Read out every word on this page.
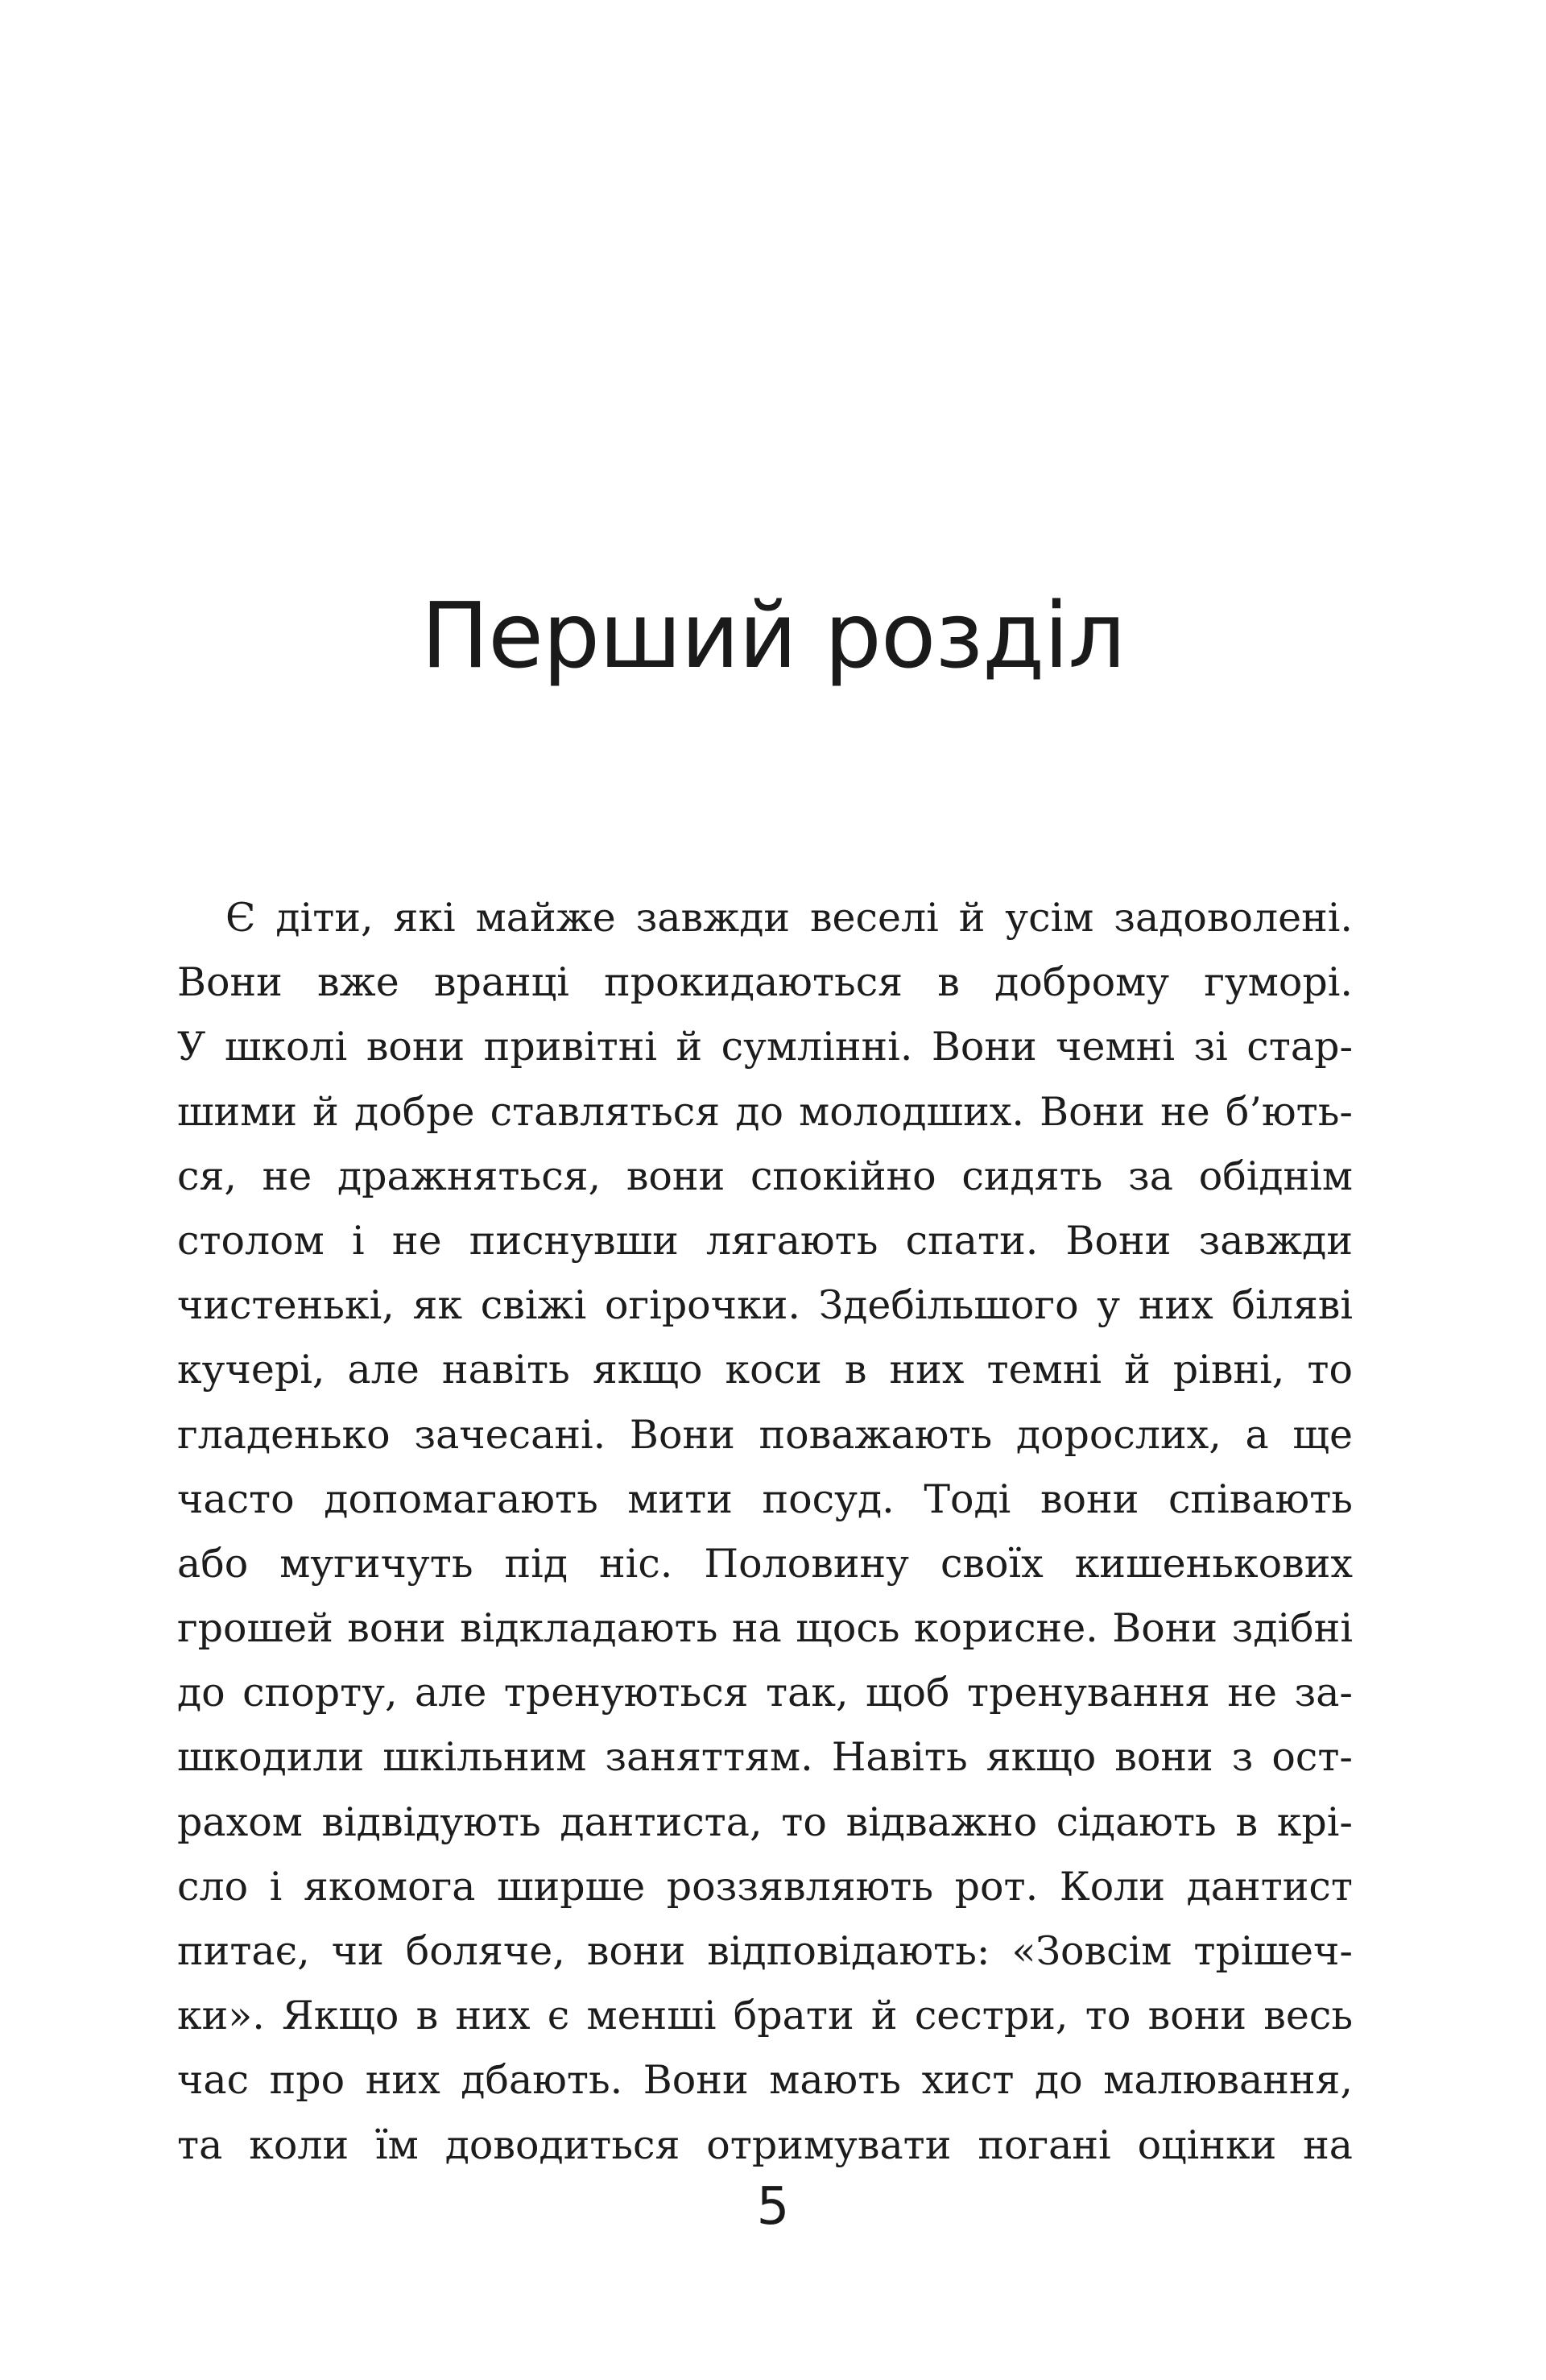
Перший розділ
Є діти, які майже завжди веселі й усім задоволені.
Вони вже вранці прокидаються в доброму гуморі.
У школі вони привітні й сумлінні. Вони чемні зі стар-
шими й добре ставляться до молодших. Вони не б’ють-
ся, не дражняться, вони спокійно сидять за обіднім
столом і не писнувши лягають спати. Вони завжди
чистенькі, як свіжі огірочки. Здебільшого у них біляві
кучері, але навіть якщо коси в них темні й рівні, то
гладенько зачесані. Вони поважають дорослих, а ще
часто допомагають мити посуд. Тоді вони співають
або мугичуть під ніс. Половину своїх кишенькових
грошей вони відкладають на щось корисне. Вони здібні
до спорту, але тренуються так, щоб тренування не за-
шкодили шкільним заняттям. Навіть якщо вони з ост-
рахом відвідують дантиста, то відважно сідають в крі-
сло і якомога ширше роззявляють рот. Коли дантист
питає, чи боляче, вони відповідають: «Зовсім трішеч-
ки». Якщо в них є менші брати й сестри, то вони весь
час про них дбають. Вони мають хист до малювання,
та коли їм доводиться отримувати погані оцінки на
5
